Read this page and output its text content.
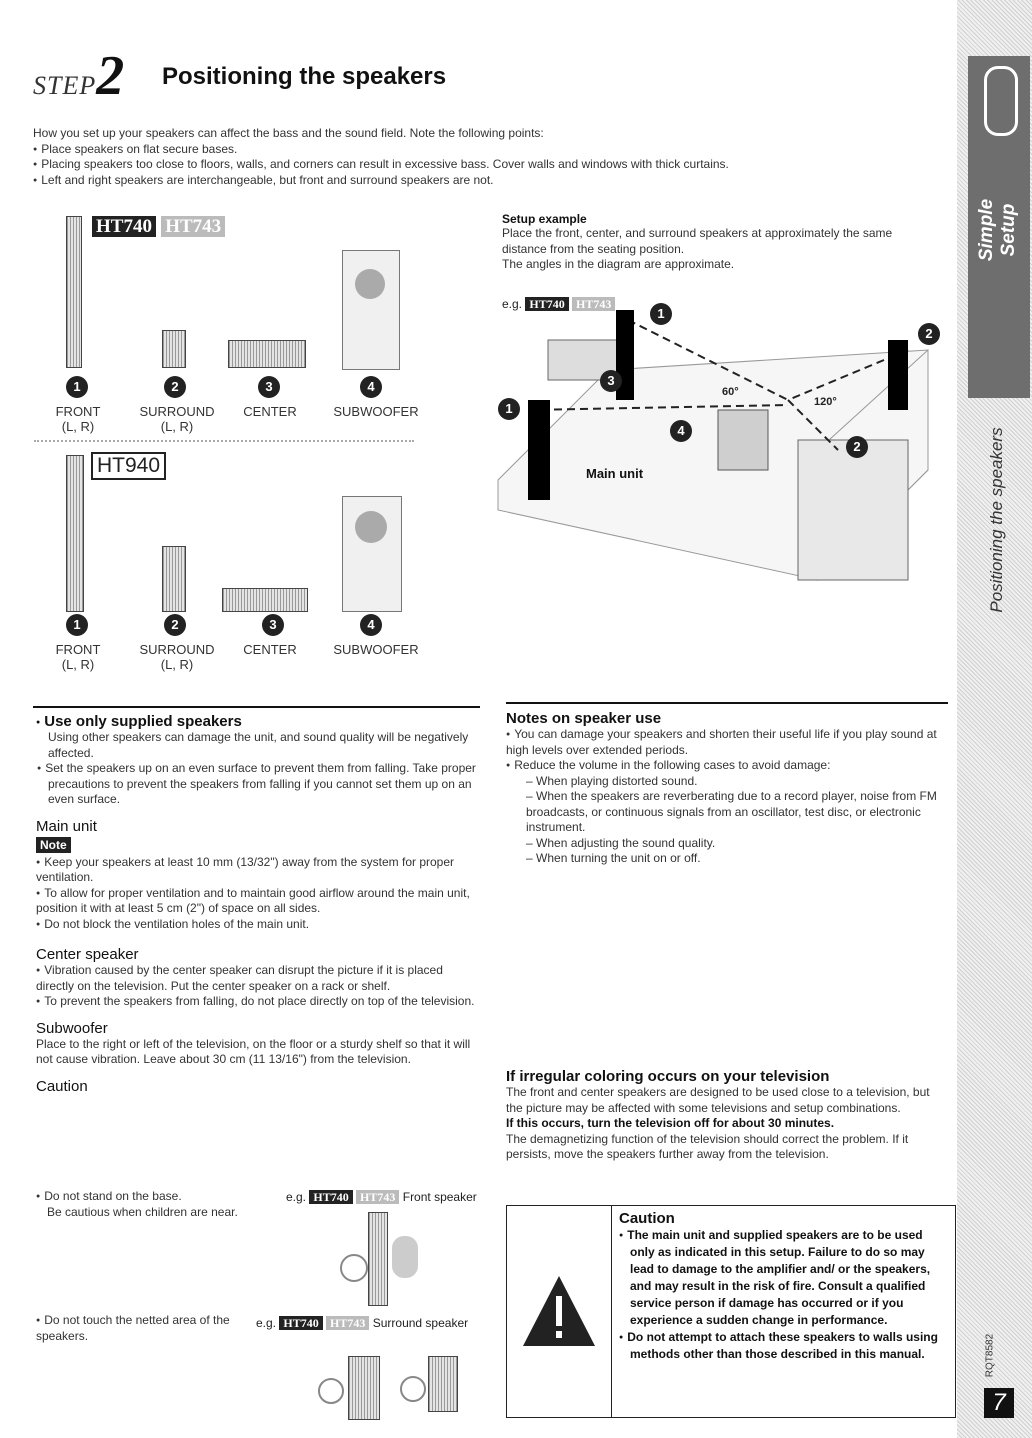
STEP2 Positioning the speakers
How you set up your speakers can affect the bass and the sound field. Note the following points:
● Place speakers on flat secure bases.
● Placing speakers too close to floors, walls, and corners can result in excessive bass. Cover walls and windows with thick curtains.
● Left and right speakers are interchangeable, but front and surround speakers are not.
HT740 HT743
1	2	3	4
FRONT
(L, R)
SURROUND
(L, R)
CENTER	SUBWOOFER
HT940
1	2	3	4
FRONT
(L, R)
SURROUND
(L, R)
CENTER	SUBWOOFER
Setup example
Place the front, center, and surround speakers at approximately the same distance from the seating position.
The angles in the diagram are approximate.
e.g. HT740 HT743
1
2
1
3
4
2
60°
120°
Main unit
● Use only supplied speakers
Using other speakers can damage the unit, and sound quality will be negatively affected.
● Set the speakers up on an even surface to prevent them from falling. Take proper precautions to prevent the speakers from falling if you cannot set them up on an even surface.
Main unit
Note
● Keep your speakers at least 10 mm (13/32") away from the system for proper ventilation.
● To allow for proper ventilation and to maintain good airflow around the main unit, position it with at least 5 cm (2") of space on all sides.
● Do not block the ventilation holes of the main unit.
Center speaker
● Vibration caused by the center speaker can disrupt the picture if it is placed directly on the television. Put the center speaker on a rack or shelf.
● To prevent the speakers from falling, do not place directly on top of the television.
Subwoofer
Place to the right or left of the television, on the floor or a sturdy shelf so that it will not cause vibration. Leave about 30 cm (11 13/16") from the television.
Caution
● Do not stand on the base.
Be cautious when children are near.
● Do not touch the netted area of the speakers.
e.g. HT740 HT743 Front speaker
e.g. HT740 HT743 Surround speaker
Notes on speaker use
● You can damage your speakers and shorten their useful life if you play sound at high levels over extended periods.
● Reduce the volume in the following cases to avoid damage:
– When playing distorted sound.
– When the speakers are reverberating due to a record player, noise from FM broadcasts, or continuous signals from an oscillator, test disc, or electronic instrument.
– When adjusting the sound quality.
– When turning the unit on or off.
If irregular coloring occurs on your television
The front and center speakers are designed to be used close to a television, but the picture may be affected with some televisions and setup combinations.
If this occurs, turn the television off for about 30 minutes.
The demagnetizing function of the television should correct the problem. If it persists, move the speakers further away from the television.
Caution
● The main unit and supplied speakers are to be used only as indicated in this setup. Failure to do so may lead to damage to the amplifier and/ or the speakers, and may result in the risk of fire. Consult a qualified service person if damage has occurred or if you experience a sudden change in performance.
● Do not attempt to attach these speakers to walls using methods other than those described in this manual.
Simple Setup
Positioning the speakers
RQT8582
7
